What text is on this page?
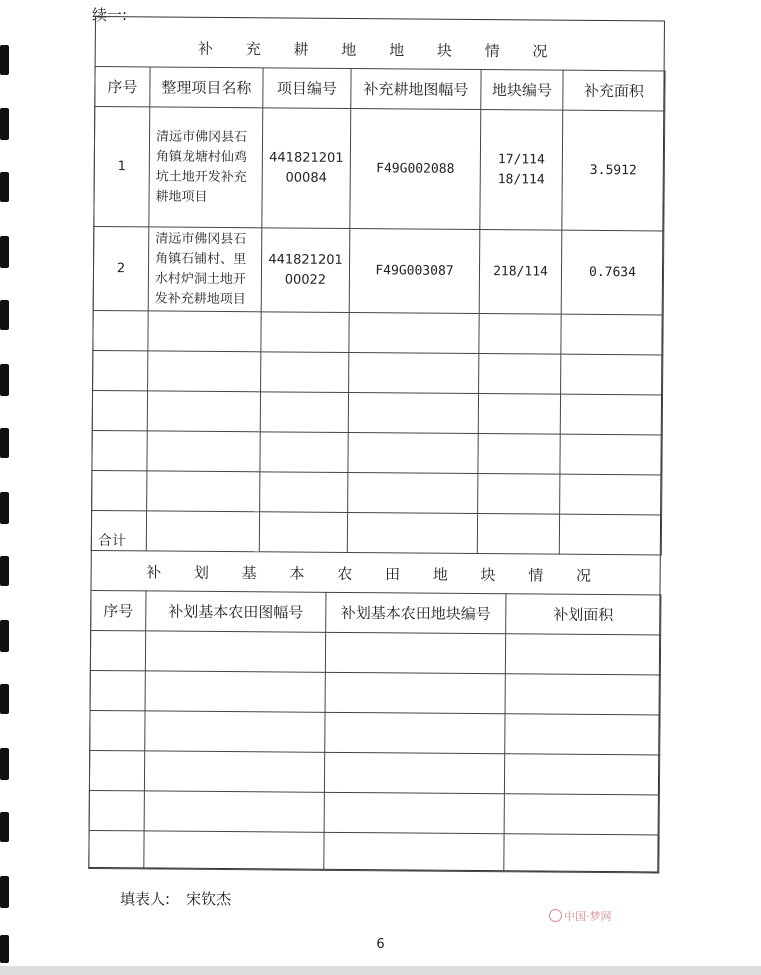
续一:
补 充 耕 地 地 块 情 况
序号	整理项目名称	项目编号	补充耕地图幅号	地块编号	补充面积
1	清远市佛冈县石角镇龙塘村仙鸡坑土地开发补充耕地项目	441821201 00084	F49G002088	17/114 18/114	3.5912
2	清远市佛冈县石角镇石铺村、里水村炉洞土地开发补充耕地项目	441821201 00022	F49G003087	218/114	0.7634

合计					
补 划 基 本 农 田 地 块 情 况
序号	补划基本农田图幅号	补划基本农田地块编号	补划面积

填表人: 宋钦杰
中国·梦网
6
